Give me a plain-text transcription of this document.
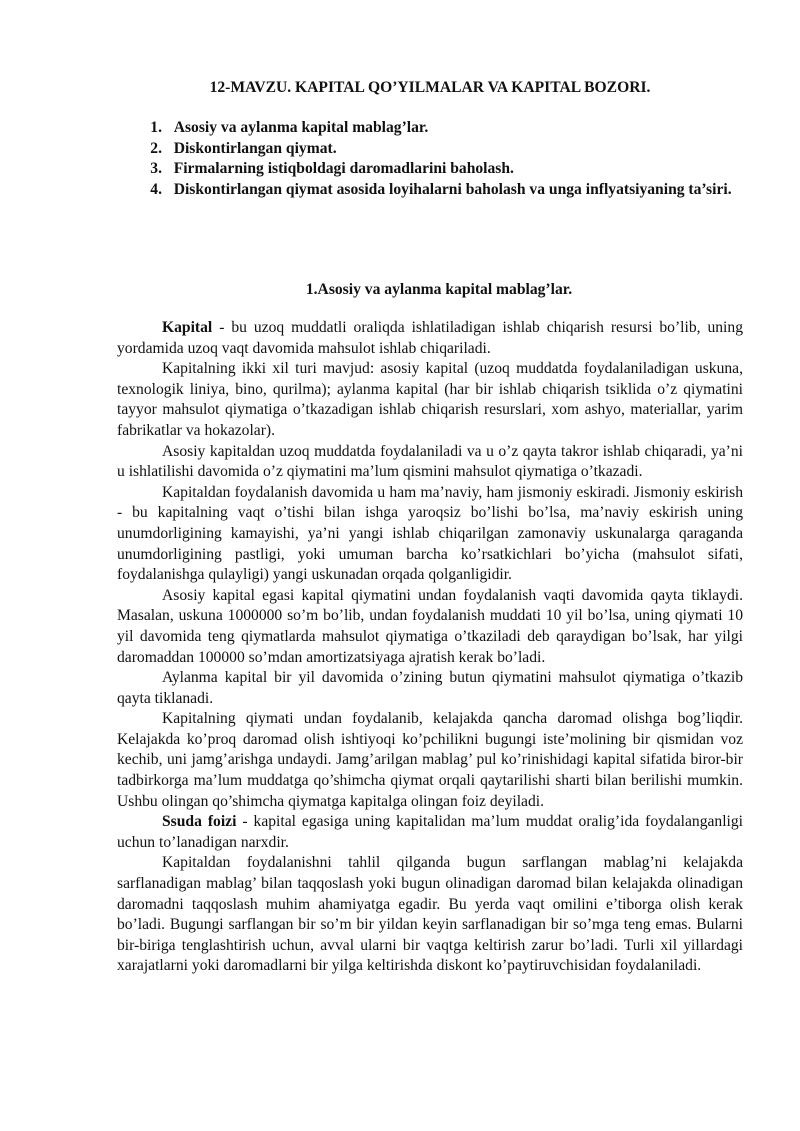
12-MAVZU. KAPITAL QO’YILMALAR VA KAPITAL BOZORI.
1. Asosiy va aylanma kapital mablag’lar.
2. Diskontirlangan qiymat.
3. Firmalarning istiqboldagi daromadlarini baholash.
4. Diskontirlangan qiymat asosida loyihalarni baholash va unga inflyatsiyaning ta’siri.
1.Asosiy va aylanma kapital mablag’lar.

Kapital - bu uzoq muddatli oraliqda ishlatiladigan ishlab chiqarish resursi bo’lib, uning yordamida uzoq vaqt davomida mahsulot ishlab chiqariladi.

Kapitalning ikki xil turi mavjud: asosiy kapital (uzoq muddatda foydalaniladigan uskuna, texnologik liniya, bino, qurilma); aylanma kapital (har bir ishlab chiqarish tsiklida o’z qiymatini tayyor mahsulot qiymatiga o’tkazadigan ishlab chiqarish resurslari, xom ashyo, materiallar, yarim fabrikatlar va hokazolar).

Asosiy kapitaldan uzoq muddatda foydalaniladi va u o’z qayta takror ishlab chiqaradi, ya’ni u ishlatilishi davomida o’z qiymatini ma’lum qismini mahsulot qiymatiga o’tkazadi.

Kapitaldan foydalanish davomida u ham ma’naviy, ham jismoniy eskiradi. Jismoniy eskirish - bu kapitalning vaqt o’tishi bilan ishga yaroqsiz bo’lishi bo’lsa, ma’naviy eskirish uning unumdorligining kamayishi, ya’ni yangi ishlab chiqarilgan zamonaviy uskunalarga qaraganda unumdorligining pastligi, yoki umuman barcha ko’rsatkichlari bo’yicha (mahsulot sifati, foydalanishga qulayligi) yangi uskunadan orqada qolganligidir.

Asosiy kapital egasi kapital qiymatini undan foydalanish vaqti davomida qayta tiklaydi. Masalan, uskuna 1000000 so’m bo’lib, undan foydalanish muddati 10 yil bo’lsa, uning qiymati 10 yil davomida teng qiymatlarda mahsulot qiymatiga o’tkaziladi deb qaraydigan bo’lsak, har yilgi daromaddan 100000 so’mdan amortizatsiyaga ajratish kerak bo’ladi.

Aylanma kapital bir yil davomida o’zining butun qiymatini mahsulot qiymatiga o’tkazib qayta tiklanadi.

Kapitalning qiymati undan foydalanib, kelajakda qancha daromad olishga bog’liqdir. Kelajakda ko’proq daromad olish ishtiyoqi ko’pchilikni bugungi iste’molining bir qismidan voz kechib, uni jamg’arishga undaydi. Jamg’arilgan mablag’ pul ko’rinishidagi kapital sifatida biror-bir tadbirkorga ma’lum muddatga qo’shimcha qiymat orqali qaytarilishi sharti bilan berilishi mumkin. Ushbu olingan qo’shimcha qiymatga kapitalga olingan foiz deyiladi.

Ssuda foizi - kapital egasiga uning kapitalidan ma’lum muddat oralig’ida foydalanganligi uchun to’lanadigan narxdir.

Kapitaldan foydalanishni tahlil qilganda bugun sarflangan mablag’ni kelajakda sarflanadigan mablag’ bilan taqqoslash yoki bugun olinadigan daromad bilan kelajakda olinadigan daromadni taqqoslash muhim ahamiyatga egadir. Bu yerda vaqt omilini e’tiborga olish kerak bo’ladi. Bugungi sarflangan bir so’m bir yildan keyin sarflanadigan bir so’mga teng emas. Bularni bir-biriga tenglashtirish uchun, avval ularni bir vaqtga keltirish zarur bo’ladi. Turli xil yillardagi xarajatlarni yoki daromadlarni bir yilga keltirishda diskont ko’paytiruvchisidan foydalaniladi.
